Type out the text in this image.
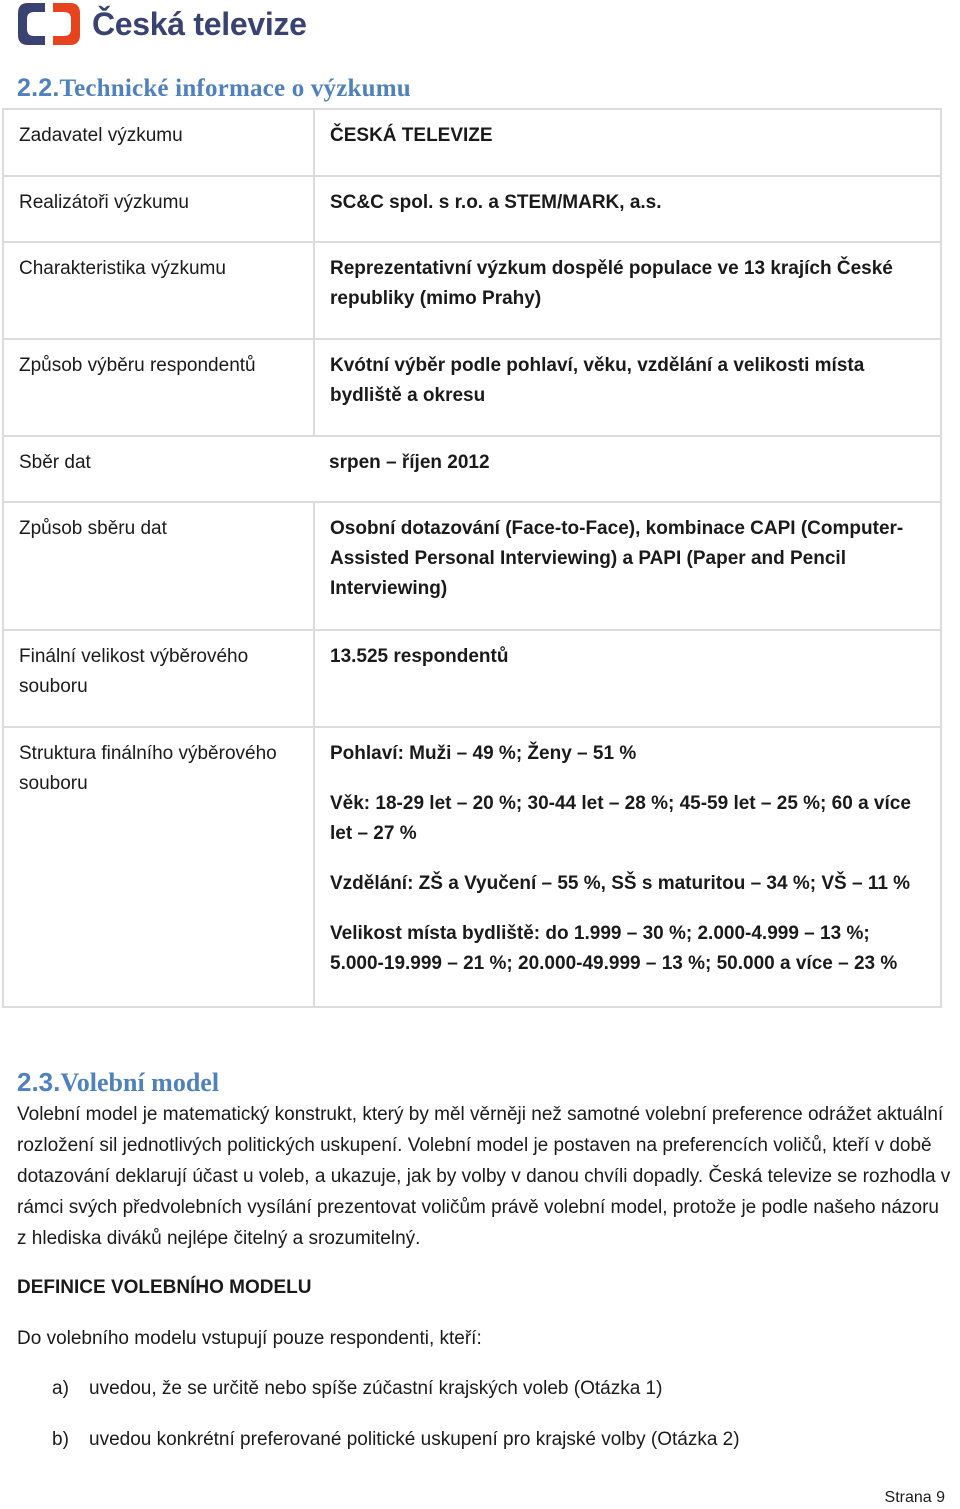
Česká televize
2.2.Technické informace o výzkumu
Zadavatel výzkumu	ČESKÁ TELEVIZE

Realizátoři výzkumu	SC&C spol. s r.o. a STEM/MARK, a.s.

Charakteristika výzkumu	Reprezentativní výzkum dospělé populace ve 13 krajích České republiky (mimo Prahy)

Způsob výběru respondentů	Kvótní výběr podle pohlaví, věku, vzdělání a velikosti místa bydliště a okresu

Sběr dat	srpen – říjen 2012

Způsob sběru dat	Osobní dotazování (Face-to-Face), kombinace CAPI (Computer-Assisted Personal Interviewing) a PAPI (Paper and Pencil Interviewing)

Finální velikost výběrového souboru	13.525 respondentů

Struktura finálního výběrového souboru	Pohlaví: Muži – 49 %; Ženy – 51 %
Věk: 18-29 let – 20 %; 30-44 let – 28 %; 45-59 let – 25 %; 60 a více let – 27 %
Vzdělání: ZŠ a Vyučení – 55 %, SŠ s maturitou – 34 %; VŠ – 11 %
Velikost místa bydliště: do 1.999 – 30 %; 2.000-4.999 – 13 %; 5.000-19.999 – 21 %; 20.000-49.999 – 13 %; 50.000 a více – 23 %
2.3.Volební model
Volební model je matematický konstrukt, který by měl věrněji než samotné volební preference odrážet aktuální rozložení sil jednotlivých politických uskupení. Volební model je postaven na preferencích voličů, kteří v době dotazování deklarují účast u voleb, a ukazuje, jak by volby v danou chvíli dopadly. Česká televize se rozhodla v rámci svých předvolebních vysílání prezentovat voličům právě volební model, protože je podle našeho názoru z hlediska diváků nejlépe čitelný a srozumitelný.
DEFINICE VOLEBNÍHO MODELU
Do volebního modelu vstupují pouze respondenti, kteří:
a) uvedou, že se určitě nebo spíše zúčastní krajských voleb (Otázka 1)
b) uvedou konkrétní preferované politické uskupení pro krajské volby (Otázka 2)
Strana 9
